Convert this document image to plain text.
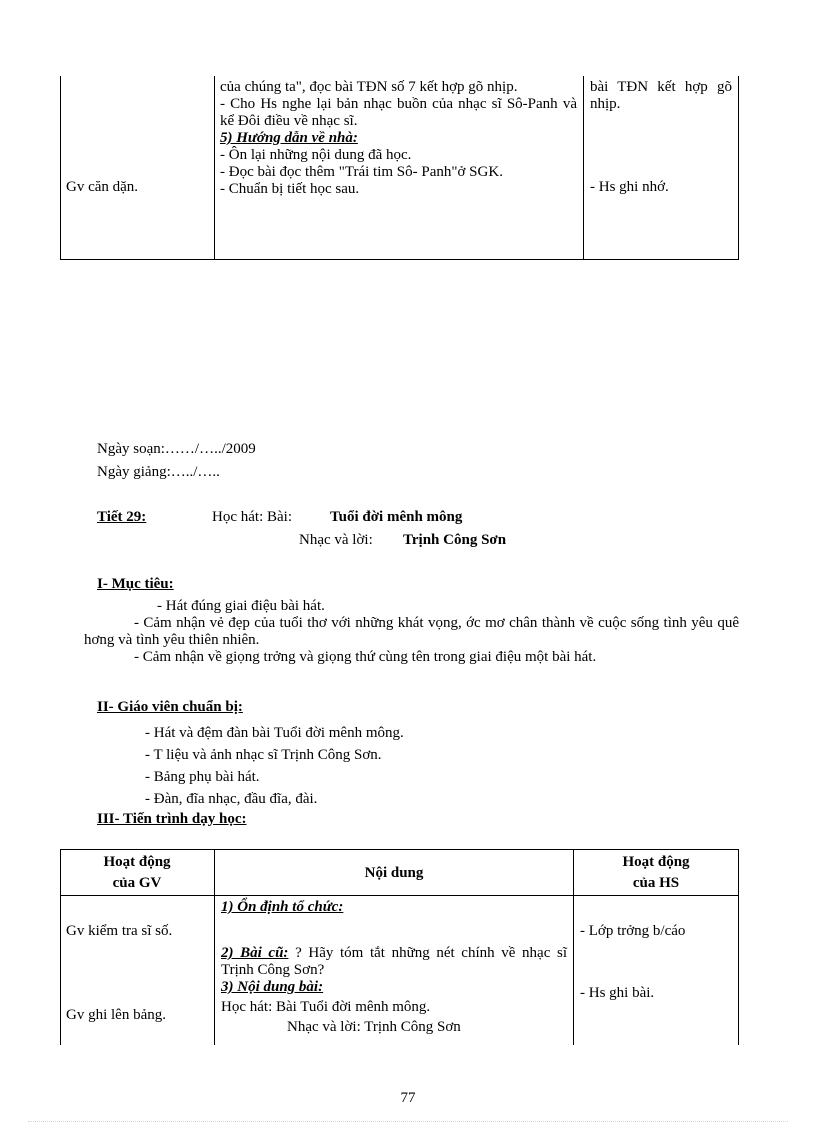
Gv căn dặn.
của chúng ta", đọc bài TĐN số 7 kết hợp gõ nhịp.
- Cho Hs nghe lại bản nhạc buồn của nhạc sĩ Sô-Panh và kể Đôi điều về nhạc sĩ.
5) Hướng dẫn về nhà:
- Ôn lại những nội dung đã học.
- Đọc bài đọc thêm "Trái tim Sô- Panh"ở SGK.
- Chuẩn bị tiết học sau.
bài TĐN kết hợp gõ nhịp.
- Hs ghi nhớ.
Ngày soạn:……/…../2009
Ngày giảng:…../…..
Tiết 29:	Học hát: Bài:	Tuổi đời mênh mông
Nhạc và lời: Trịnh Công Sơn
I- Mục tiêu:
- Hát đúng giai điệu bài hát.
- Cảm nhận vẻ đẹp của tuổi thơ với những khát vọng, ớc mơ chân thành về cuộc sống tình yêu quê hơng và tình yêu thiên nhiên.
- Cảm nhận về giọng trởng và giọng thứ cùng tên trong giai điệu một bài hát.
II- Giáo viên chuẩn bị:
- Hát và đệm đàn bài Tuổi đời mênh mông.
- T liệu và ảnh nhạc sĩ Trịnh Công Sơn.
- Bảng phụ bài hát.
- Đàn, đĩa nhạc, đầu đĩa, đài.
III- Tiến trình dạy học:
Hoạt động
của GV
Nội dung
Hoạt động
của HS
1) Ổn định tổ chức:
2) Bài cũ: ? Hãy tóm tắt những nét chính về nhạc sĩ Trịnh Công Sơn?
3) Nội dung bài:
Học hát: Bài Tuổi đời mênh mông.
Nhạc và lời: Trịnh Công Sơn
Gv kiểm tra sĩ số.
Gv ghi lên bảng.
- Lớp trởng b/cáo
- Hs ghi bài.
77
